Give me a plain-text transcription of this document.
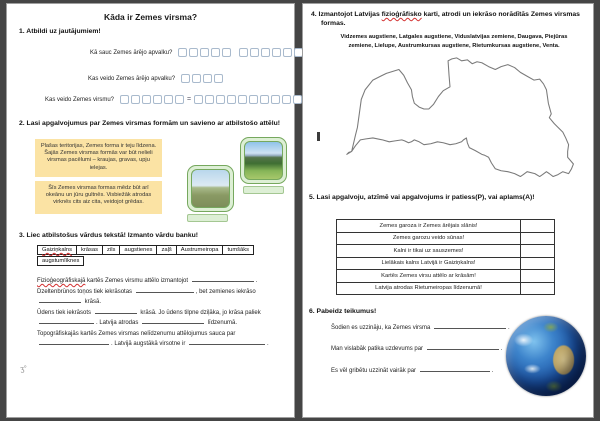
Kāda ir Zemes virsma?
1. Atbildi uz jautājumiem!
Kā sauc Zemes ārējo apvalku?
Kas veido Zemes ārējo apvalku?
Kas veido Zemes virsmu?	=
2. Lasi apgalvojumus par Zemes virsmas formām un savieno ar atbilstošo attēlu!
Plašas teritorijas, Zemes forma ir teju līdzena. Šajās Zemes virsmas formās var būt nelieli virsmas pacēlumi – kraujas, gravas, upju ielejas.
Šīs Zemes virsmas formas mēdz būt arī okeānu un jūru gultnēs. Visbiežāk atrodas virknēs cits aiz cita, veidojot grēdas.
3. Liec atbilstošus vārdus tekstā! Izmanto vārdu banku!
Gaiziņkalns	krāsas	zils	augstienes	zaļš	Austrumeiropa	tumšāks
augstumlīknes
Fizioģeogrāfiskajā kartēs Zemes virsmu attēlo izmantojot	.
Dzeltenbrūnos toņos tiek iekrāsotas	, bet zemienes iekrāso
krāsā.
Ūdens tiek iekrāsots	krāsā. Jo ūdens tilpne dziļāka, jo krāsa paliek
. Latvija atrodas	līdzenumā.
Topogrāfiskajās kartēs Zemes virsmas nelīdzenumu attēlojumus sauca par
. Latvijā augstākā virsotne ir	.
ʒ°
4. Izmantojot Latvijas fizioģrāfisko karti, atrodi un iekrāso norādītās Zemes virsmas formas.
Vidzemes augstiene, Latgales augstiene, Viduslatvijas zemiene, Daugava, Piejūras zemiene, Lielupe, Austrumkursas augstiene, Rietumkursas augstiene, Venta.
5. Lasi apgalvoju, atzīmē vai apgalvojums ir patiess(P), vai aplams(A)!
Zemes garoza ir Zemes ārējais slānis!	
Zemes garozu veido sūnas!	
Kalni ir tikai uz sauszemes!	
Lielākais kalns Latvijā ir Gaiziņkalns!	
Kartēs Zemes virsu attēlo ar krāsām!	
Latvija atrodas Rietumeiropas līdzenumā!	
6. Pabeidz teikumus!
Šodien es uzzināju, ka Zemes virsma	.
Man vislabāk patika uzdevums par	.
Es vēl gribētu uzzināt vairāk par	.
